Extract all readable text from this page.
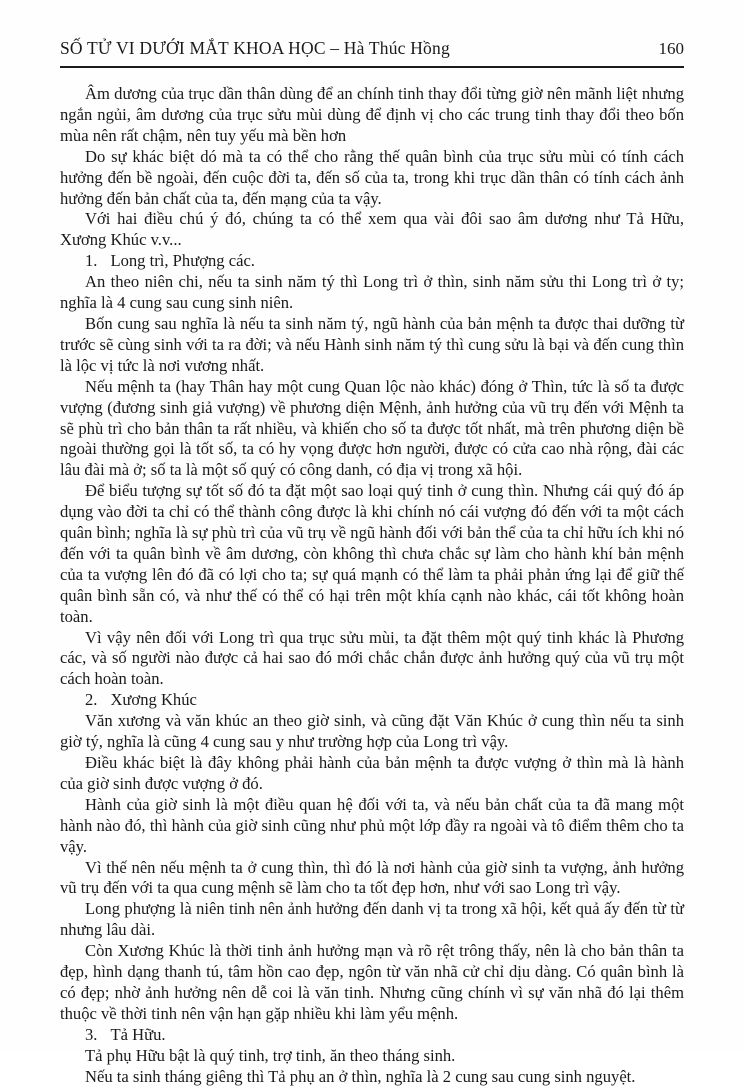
SỐ TỬ VI DƯỚI MẮT KHOA HỌC – Hà Thúc Hồng	160

Âm dương của trục dần thân dùng để an chính tinh thay đổi từng giờ nên mãnh liệt nhưng ngắn ngủi, âm dương của trục sửu mùi dùng để định vị cho các trung tinh thay đổi theo bốn mùa nên rất chậm, nên tuy yếu mà bền hơn

Do sự khác biệt dó mà ta có thể cho rằng thế quân bình của trục sửu mùi có tính cách hưởng đến bề ngoài, đến cuộc đời ta, đến số của ta, trong khi trục dần thân có tính cách ảnh hưởng đến bản chất của ta, đến mạng của ta vậy.

Với hai điều chú ý đó, chúng ta có thể xem qua vài đôi sao âm dương như Tả Hữu, Xương Khúc v.v...

1. Long trì, Phượng các.

An theo niên chi, nếu ta sinh năm tý thì Long trì ở thìn, sinh năm sửu thi Long trì ở ty; nghĩa là 4 cung sau cung sinh niên.

Bốn cung sau nghĩa là nếu ta sinh năm tý, ngũ hành của bản mệnh ta được thai dưỡng từ trước sẽ cùng sinh với ta ra đời; và nếu Hành sinh năm tý thì cung sửu là bại và đến cung thìn là lộc vị tức là nơi vương nhất.

Nếu mệnh ta (hay Thân hay một cung Quan lộc nào khác) đóng ở Thìn, tức là số ta được vượng (đương sinh giả vượng) về phương diện Mệnh, ảnh hưởng của vũ trụ đến với Mệnh ta sẽ phù trì cho bản thân ta rất nhiều, và khiến cho số ta được tốt nhất, mà trên phương diện bề ngoài thường gọi là tốt số, ta có hy vọng được hơn người, được có cửa cao nhà rộng, đài các lâu đài mà ở; số ta là một số quý có công danh, có địa vị trong xã hội.

Để biểu tượng sự tốt số đó ta đặt một sao loại quý tinh ở cung thìn. Nhưng cái quý đó áp dụng vào đời ta chỉ có thể thành công được là khi chính nó cái vượng đó đến với ta một cách quân bình; nghĩa là sự phù trì của vũ trụ về ngũ hành đối với bản thể của ta chỉ hữu ích khi nó đến với ta quân bình về âm dương, còn không thì chưa chắc sự làm cho hành khí bản mệnh của ta vượng lên đó đã có lợi cho ta; sự quá mạnh có thể làm ta phải phản ứng lại để giữ thế quân bình sẵn có, và như thế có thể có hại trên một khía cạnh nào khác, cái tốt không hoàn toàn.

Vì vậy nên đối với Long trì qua trục sửu mùi, ta đặt thêm một quý tinh khác là Phương các, và số người nào được cả hai sao đó mới chắc chắn được ảnh hưởng quý của vũ trụ một cách hoàn toàn.

2. Xương Khúc

Văn xương và văn khúc an theo giờ sinh, và cũng đặt Văn Khúc ở cung thìn nếu ta sinh giờ tý, nghĩa là cũng 4 cung sau y như trường hợp của Long trì vậy.

Điều khác biệt là đây không phải hành của bản mệnh ta được vượng ở thìn mà là hành của giờ sinh được vượng ở đó.

Hành của giờ sinh là một điều quan hệ đối với ta, và nếu bản chất của ta đã mang một hành nào đó, thì hành của giờ sinh cũng như phủ một lớp đầy ra ngoài và tô điểm thêm cho ta vậy.

Vì thế nên nếu mệnh ta ở cung thìn, thì đó là nơi hành của giờ sinh ta vượng, ảnh hưởng vũ trụ đến với ta qua cung mệnh sẽ làm cho ta tốt đẹp hơn, như với sao Long trì vậy.

Long phượng là niên tinh nên ảnh hưởng đến danh vị ta trong xã hội, kết quả ấy đến từ từ nhưng lâu dài.

Còn Xương Khúc là thời tinh ảnh hưởng mạn và rõ rệt trông thấy, nên là cho bản thân ta đẹp, hình dạng thanh tú, tâm hồn cao đẹp, ngôn từ văn nhã cử chỉ dịu dàng. Có quân bình là có đẹp; nhờ ảnh hưởng nên dễ coi là văn tinh. Nhưng cũng chính vì sự văn nhã đó lại thêm thuộc về thời tinh nên vận hạn gặp nhiều khi làm yểu mệnh.

3. Tả Hữu.

Tả phụ Hữu bật là quý tinh, trợ tinh, ăn theo tháng sinh.

Nếu ta sinh tháng giêng thì Tả phụ an ở thìn, nghĩa là 2 cung sau cung sinh nguyệt.
